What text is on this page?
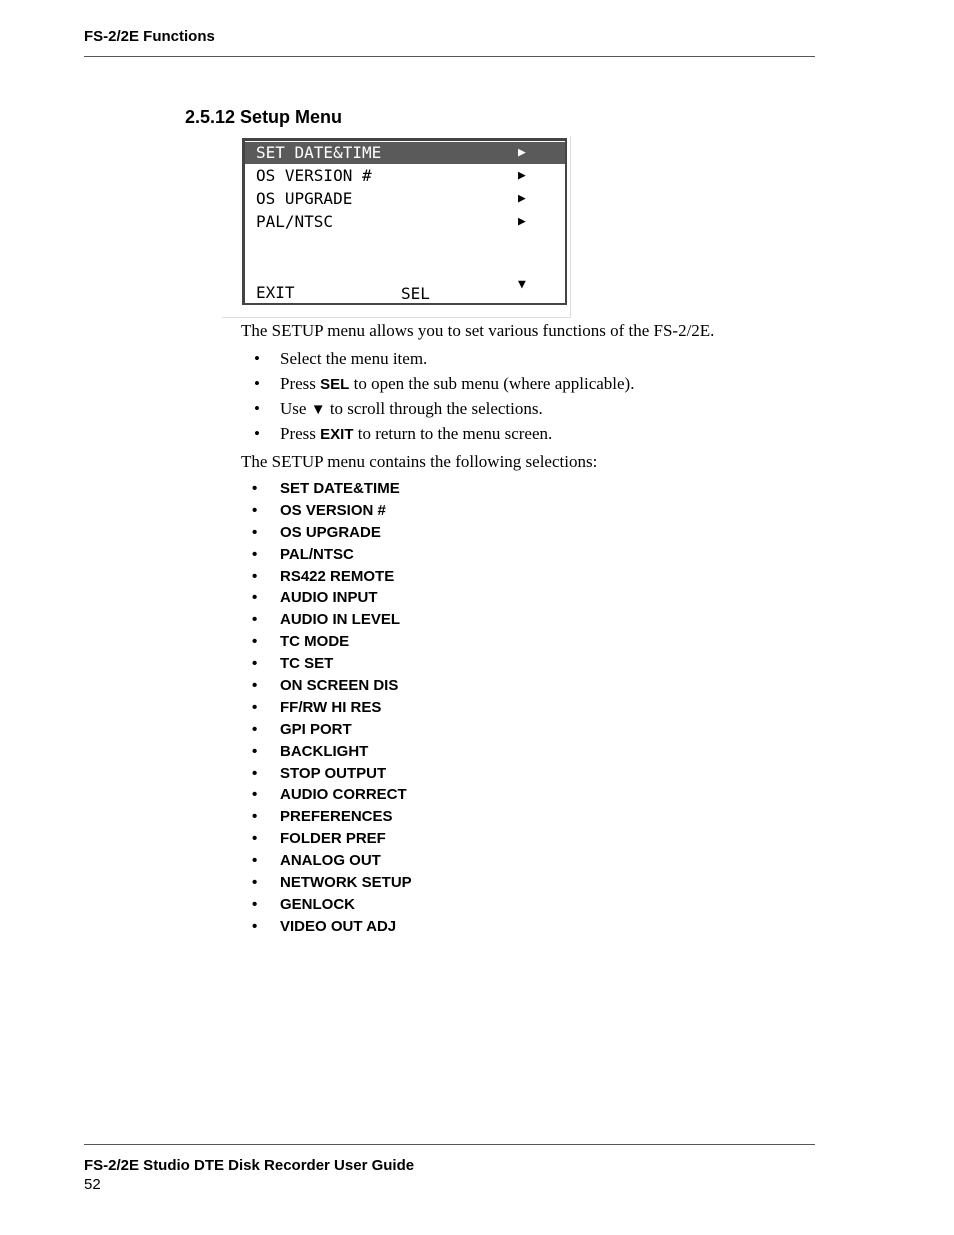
FS-2/2E Functions
2.5.12 Setup Menu
SET DATE&TIME	▶
OS VERSION #	▶
OS UPGRADE	▶
PAL/NTSC	▶
EXIT	SEL	▼
The SETUP menu allows you to set various functions of the FS-2/2E.
• Select the menu item.
• Press SEL to open the sub menu (where applicable).
• Use ▼ to scroll through the selections.
• Press EXIT to return to the menu screen.
The SETUP menu contains the following selections:
• SET DATE&TIME
• OS VERSION #
• OS UPGRADE
• PAL/NTSC
• RS422 REMOTE
• AUDIO INPUT
• AUDIO IN LEVEL
• TC MODE
• TC SET
• ON SCREEN DIS
• FF/RW HI RES
• GPI PORT
• BACKLIGHT
• STOP OUTPUT
• AUDIO CORRECT
• PREFERENCES
• FOLDER PREF
• ANALOG OUT
• NETWORK SETUP
• GENLOCK
• VIDEO OUT ADJ
FS-2/2E Studio DTE Disk Recorder User Guide
52
